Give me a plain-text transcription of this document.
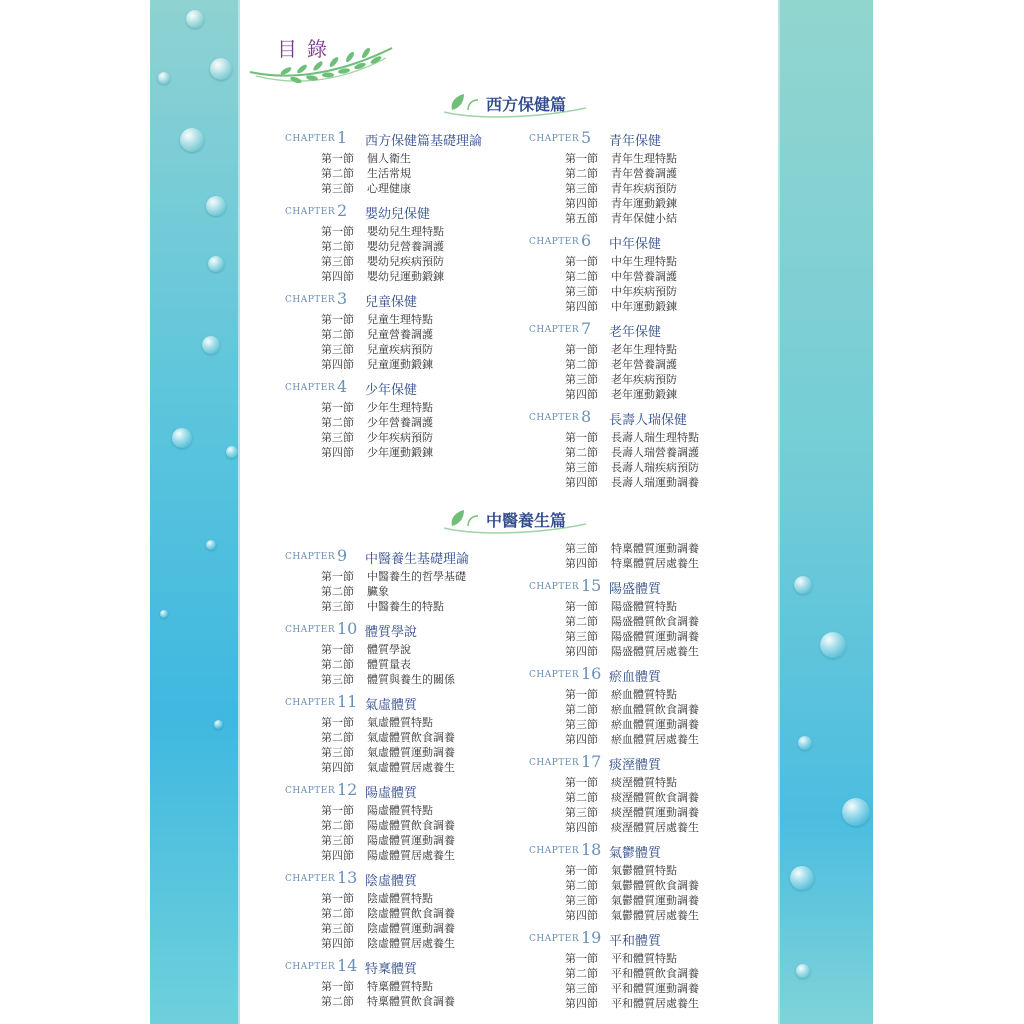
目錄
西方保健篇
CHAPTER 1 西方保健篇基礎理論
第一節 個人衛生
第二節 生活常規
第三節 心理健康
CHAPTER 2 嬰幼兒保健
第一節 嬰幼兒生理特點
第二節 嬰幼兒營養調護
第三節 嬰幼兒疾病預防
第四節 嬰幼兒運動鍛鍊
CHAPTER 3 兒童保健
第一節 兒童生理特點
第二節 兒童營養調護
第三節 兒童疾病預防
第四節 兒童運動鍛鍊
CHAPTER 4 少年保健
第一節 少年生理特點
第二節 少年營養調護
第三節 少年疾病預防
第四節 少年運動鍛鍊
CHAPTER 5 青年保健
第一節 青年生理特點
第二節 青年營養調護
第三節 青年疾病預防
第四節 青年運動鍛鍊
第五節 青年保健小結
CHAPTER 6 中年保健
第一節 中年生理特點
第二節 中年營養調護
第三節 中年疾病預防
第四節 中年運動鍛鍊
CHAPTER 7 老年保健
第一節 老年生理特點
第二節 老年營養調護
第三節 老年疾病預防
第四節 老年運動鍛鍊
CHAPTER 8 長壽人瑞保健
第一節 長壽人瑞生理特點
第二節 長壽人瑞營養調護
第三節 長壽人瑞疾病預防
第四節 長壽人瑞運動調養
中醫養生篇
CHAPTER 9 中醫養生基礎理論
第一節 中醫養生的哲學基礎
第二節 臟象
第三節 中醫養生的特點
CHAPTER 10 體質學說
第一節 體質學說
第二節 體質量表
第三節 體質與養生的關係
CHAPTER 11 氣虛體質
第一節 氣虛體質特點
第二節 氣虛體質飲食調養
第三節 氣虛體質運動調養
第四節 氣虛體質居處養生
CHAPTER 12 陽虛體質
第一節 陽虛體質特點
第二節 陽虛體質飲食調養
第三節 陽虛體質運動調養
第四節 陽虛體質居處養生
CHAPTER 13 陰虛體質
第一節 陰虛體質特點
第二節 陰虛體質飲食調養
第三節 陰虛體質運動調養
第四節 陰虛體質居處養生
CHAPTER 14 特稟體質
第一節 特稟體質特點
第二節 特稟體質飲食調養
第三節 特稟體質運動調養
第四節 特稟體質居處養生
CHAPTER 15 陽盛體質
第一節 陽盛體質特點
第二節 陽盛體質飲食調養
第三節 陽盛體質運動調養
第四節 陽盛體質居處養生
CHAPTER 16 瘀血體質
第一節 瘀血體質特點
第二節 瘀血體質飲食調養
第三節 瘀血體質運動調養
第四節 瘀血體質居處養生
CHAPTER 17 痰溼體質
第一節 痰溼體質特點
第二節 痰溼體質飲食調養
第三節 痰溼體質運動調養
第四節 痰溼體質居處養生
CHAPTER 18 氣鬱體質
第一節 氣鬱體質特點
第二節 氣鬱體質飲食調養
第三節 氣鬱體質運動調養
第四節 氣鬱體質居處養生
CHAPTER 19 平和體質
第一節 平和體質特點
第二節 平和體質飲食調養
第三節 平和體質運動調養
第四節 平和體質居處養生
